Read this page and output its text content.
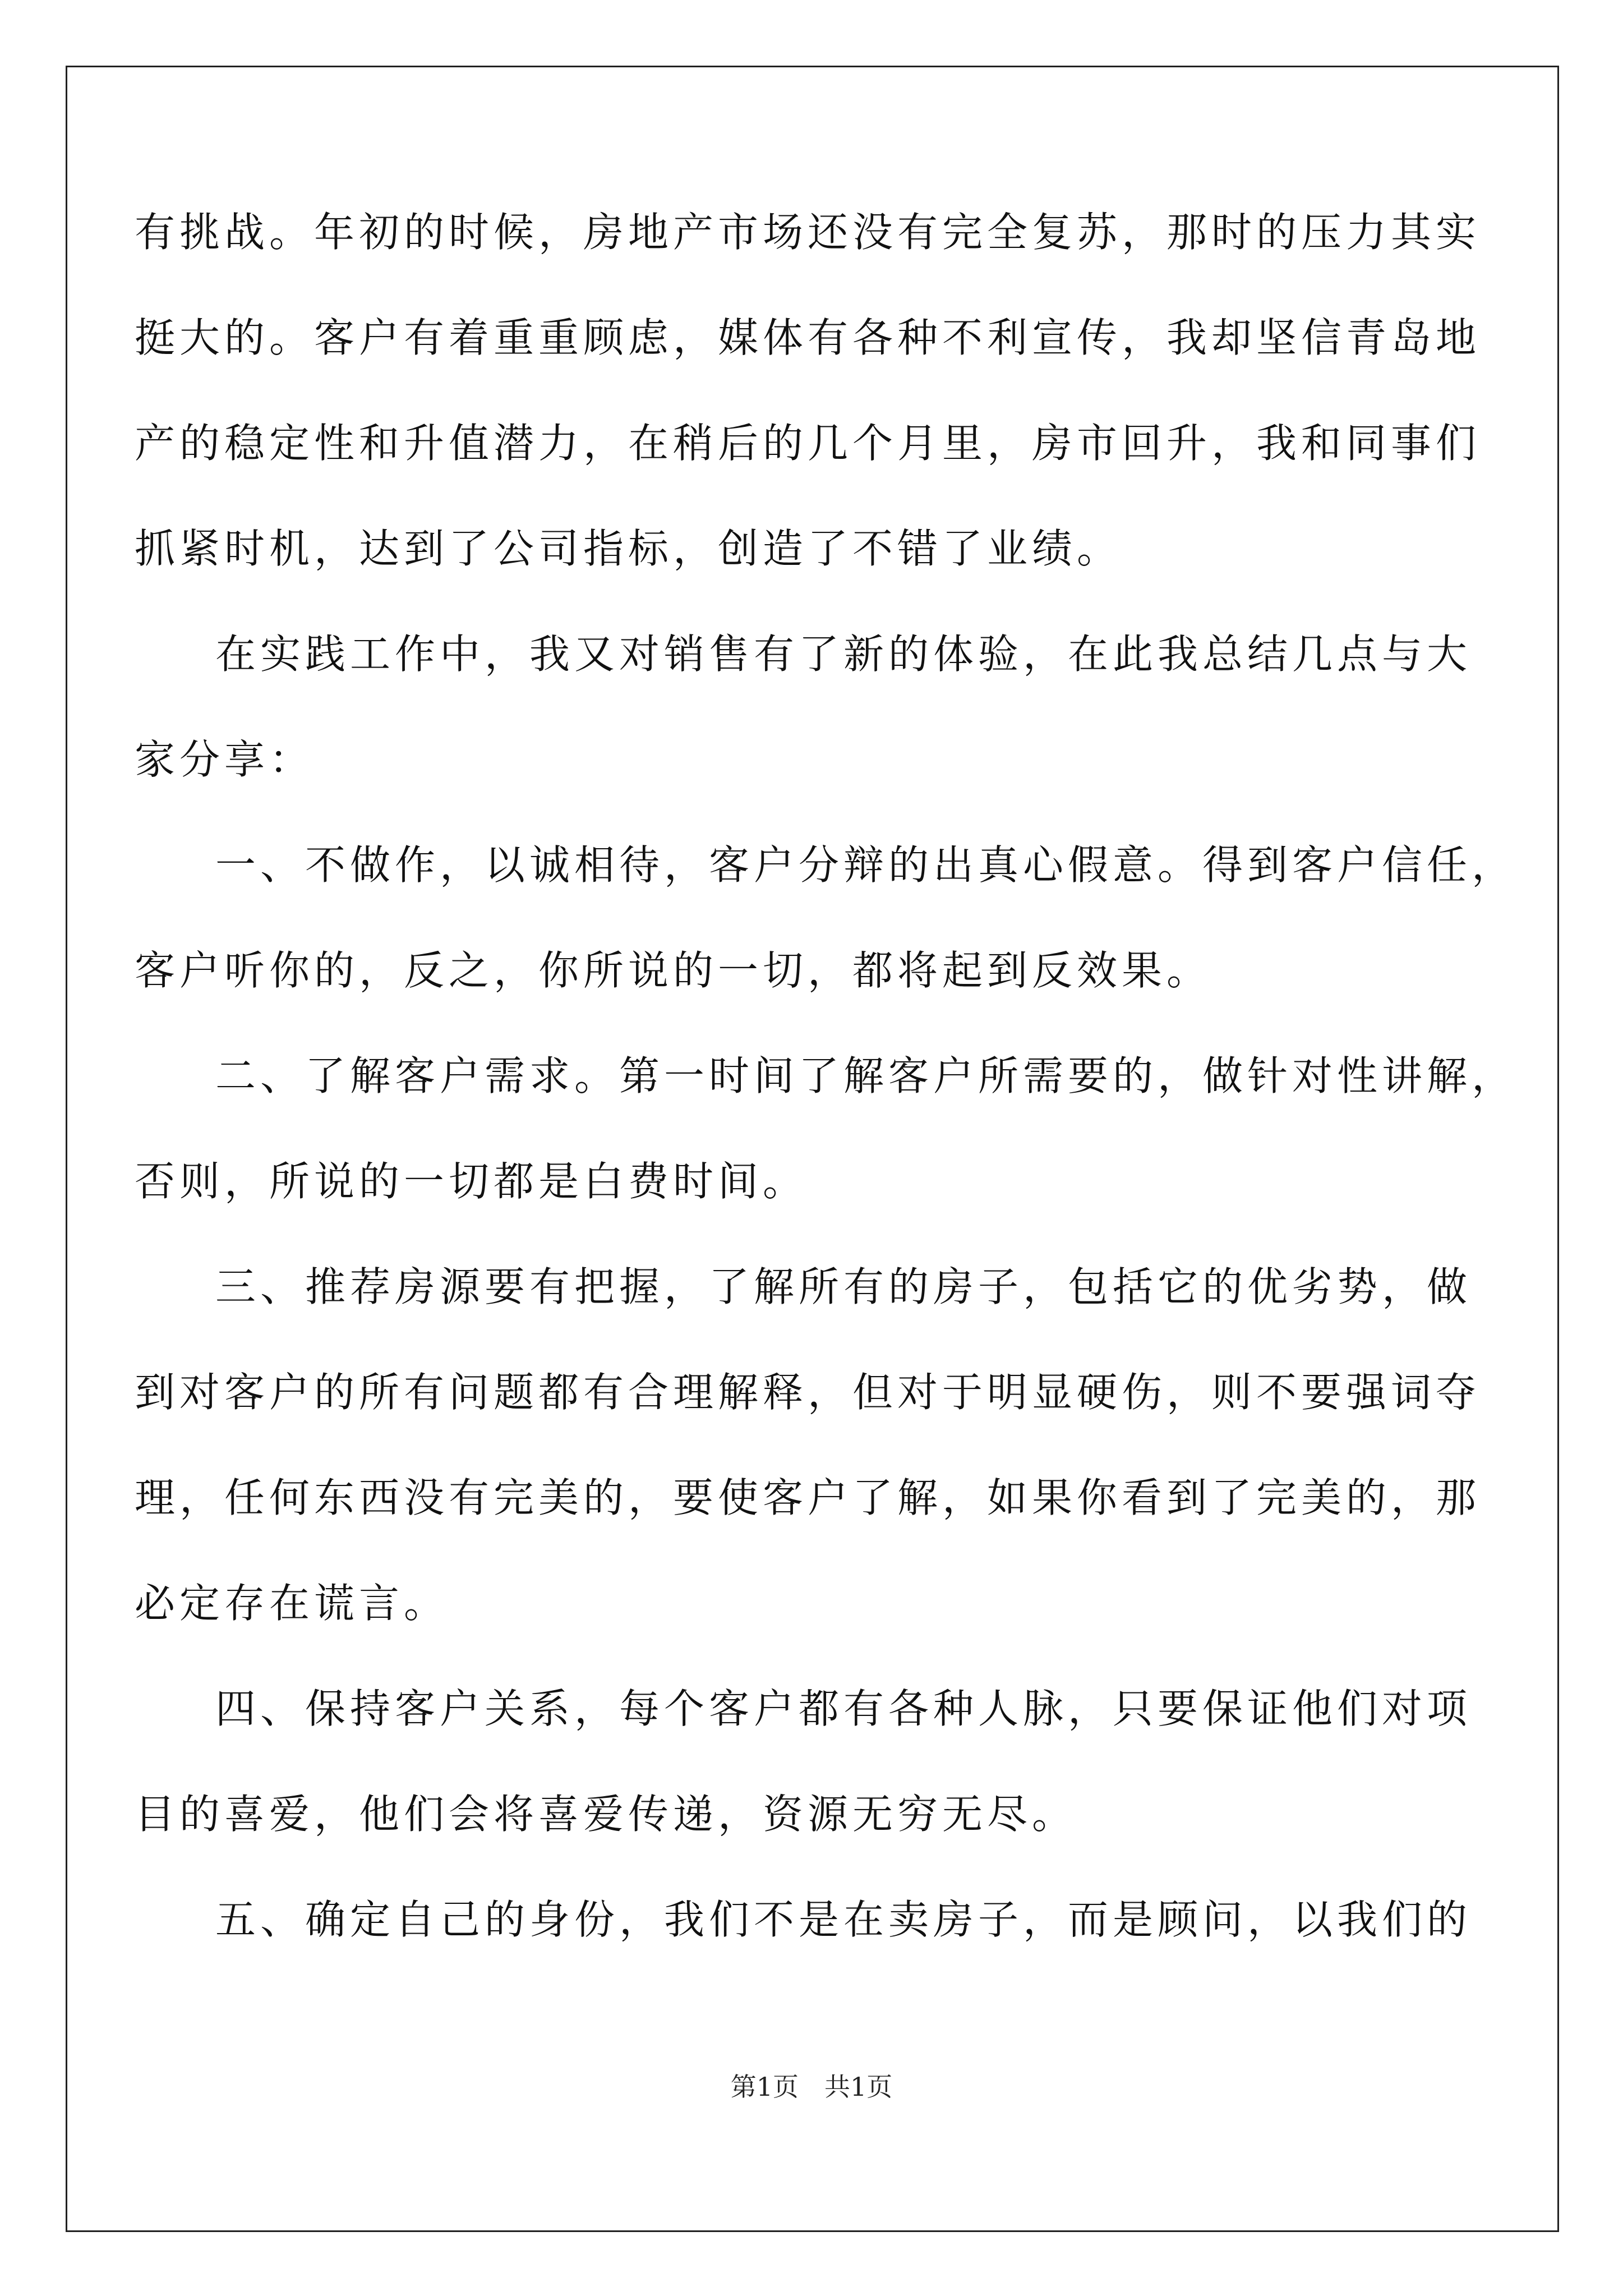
有挑战。年初的时候，房地产市场还没有完全复苏，那时的压力其实
挺大的。客户有着重重顾虑，媒体有各种不利宣传，我却坚信青岛地
产的稳定性和升值潜力，在稍后的几个月里，房市回升，我和同事们
抓紧时机，达到了公司指标，创造了不错了业绩。
在实践工作中，我又对销售有了新的体验，在此我总结几点与大
家分享：
一、不做作，以诚相待，客户分辩的出真心假意。得到客户信任，
客户听你的，反之，你所说的一切，都将起到反效果。
二、了解客户需求。第一时间了解客户所需要的，做针对性讲解，
否则，所说的一切都是白费时间。
三、推荐房源要有把握，了解所有的房子，包括它的优劣势，做
到对客户的所有问题都有合理解释，但对于明显硬伤，则不要强词夺
理，任何东西没有完美的，要使客户了解，如果你看到了完美的，那
必定存在谎言。
四、保持客户关系，每个客户都有各种人脉，只要保证他们对项
目的喜爱，他们会将喜爱传递，资源无穷无尽。
五、确定自己的身份，我们不是在卖房子，而是顾问，以我们的
第1页　共1页
